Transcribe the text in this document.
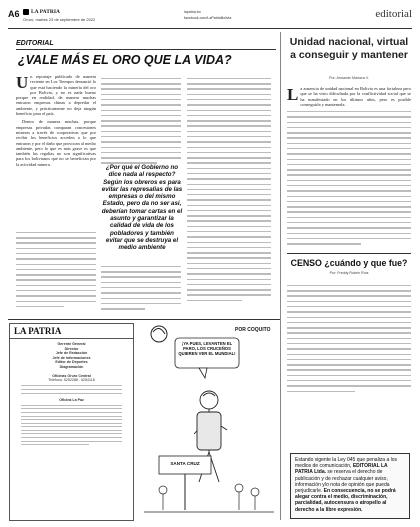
A6 LA PATRIA
Oruro, martes 23 de septiembre de 2022
lapatria.bo
facebook.com/LaPatriaBolivia	editorial
EDITORIAL
¿VALE MÁS EL ORO QUE LA VIDA?
U n reportaje publicado de manera reciente en Los Tiempos denunció lo que está haciendo la minería del oro por Bolivia, y no es nada bueno porque en realidad, de manera muchas entraron empresas chinas a depredar el ambiente, y prácticamente no deja ningún beneficio para el país.
Dentro de manera muchas, porque empresas privadas comparan concesiones mineras a través de cooperativas que por recibir los beneficios acceden a lo que entraron y por el daño que provocan al medio ambiente, pero lo que es más grave es que también las regalías no son significativas para los bolivianos que no se benefician por la actividad minera.	¿Por qué el Gobierno no dice nada al respecto? Según los obreros es para evitar las represalias de las empresas o del mismo Estado, pero da no ser así, deberían tomar cartas en el asunto y garantizar la calidad de vida de los pobladores y también evitar que se destruya el medio ambiente
Unidad nacional, virtual a conseguir y mantener
Por: Armando Mariaca V.
L a ausencia de unidad nacional en Bolivia es una fortaleza pero que se ha visto dificultada por la conflictividad social que se ha manifestado en los últimos años, pero es posible conseguirla y mantenerla.
CENSO ¿cuándo y que fue?
Por: Freddy Rubén Ríos
Estando vigente la Ley 045 que penaliza a los medios de comunicación, EDITORIAL LA PATRIA Ltda. se reserva el derecho de publicación y de rechazar cualquier aviso, información y/o nota de opinión que pueda perjudicarle. En consecuencia, no se podrá alegar contra el medio, discriminación, parcialidad, autocensura o atropello al derecho a la libre expresión.
LA PATRIA
Gerente General
Director
Jefe de Redacción
Jefe de Informaciones
Editor de Deportes
Diagramación
Oficinas Oruro Central
Teléfono: 5252288 - 5254118
Oficina La Paz
¡YA PUES, LEVANTEN EL PARO, LOS CRUCEÑOS QUIEREN VER EL MUNDIAL!
SANTA CRUZ
POR COQUITO
